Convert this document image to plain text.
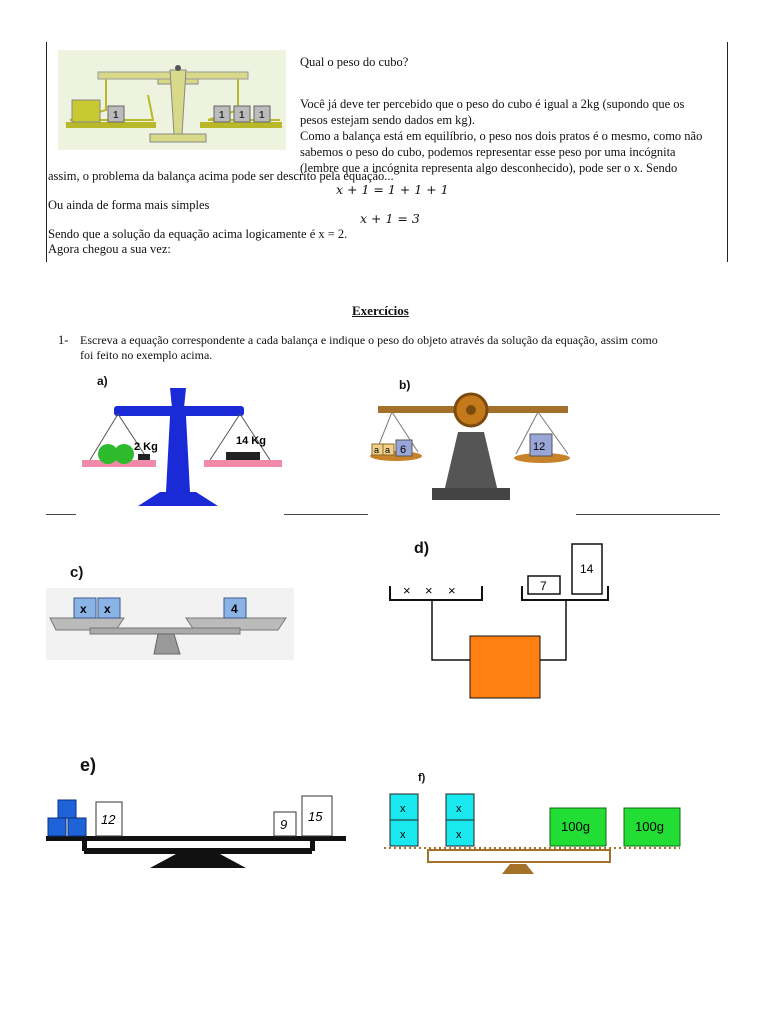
1	1 1 1
Qual o peso do cubo?
Você já deve ter percebido que o peso do cubo é igual a 2kg (supondo que os
pesos estejam sendo dados em kg).
Como a balança está em equilíbrio, o peso nos dois pratos é o mesmo, como não
sabemos o peso do cubo, podemos representar esse peso por uma incógnita
(lembre que a incógnita representa algo desconhecido), pode ser o x. Sendo
assim, o problema da balança acima pode ser descrito pela equação...
x + 1 = 1 + 1 + 1
Ou ainda de forma mais simples
x + 1 = 3
Sendo que a solução da equação acima logicamente é x = 2.
Agora chegou a sua vez:
Exercícios
1- Escreva a equação correspondente a cada balança e indique o peso do objeto através da solução da equação, assim como
foi feito no exemplo acima.
a)
2 Kg	14 Kg
b)
a a 6	12
c)
x x	4
d)
× × ×	7
14
e)
12	9
15
f)
x
x
x
x
100g	100g
